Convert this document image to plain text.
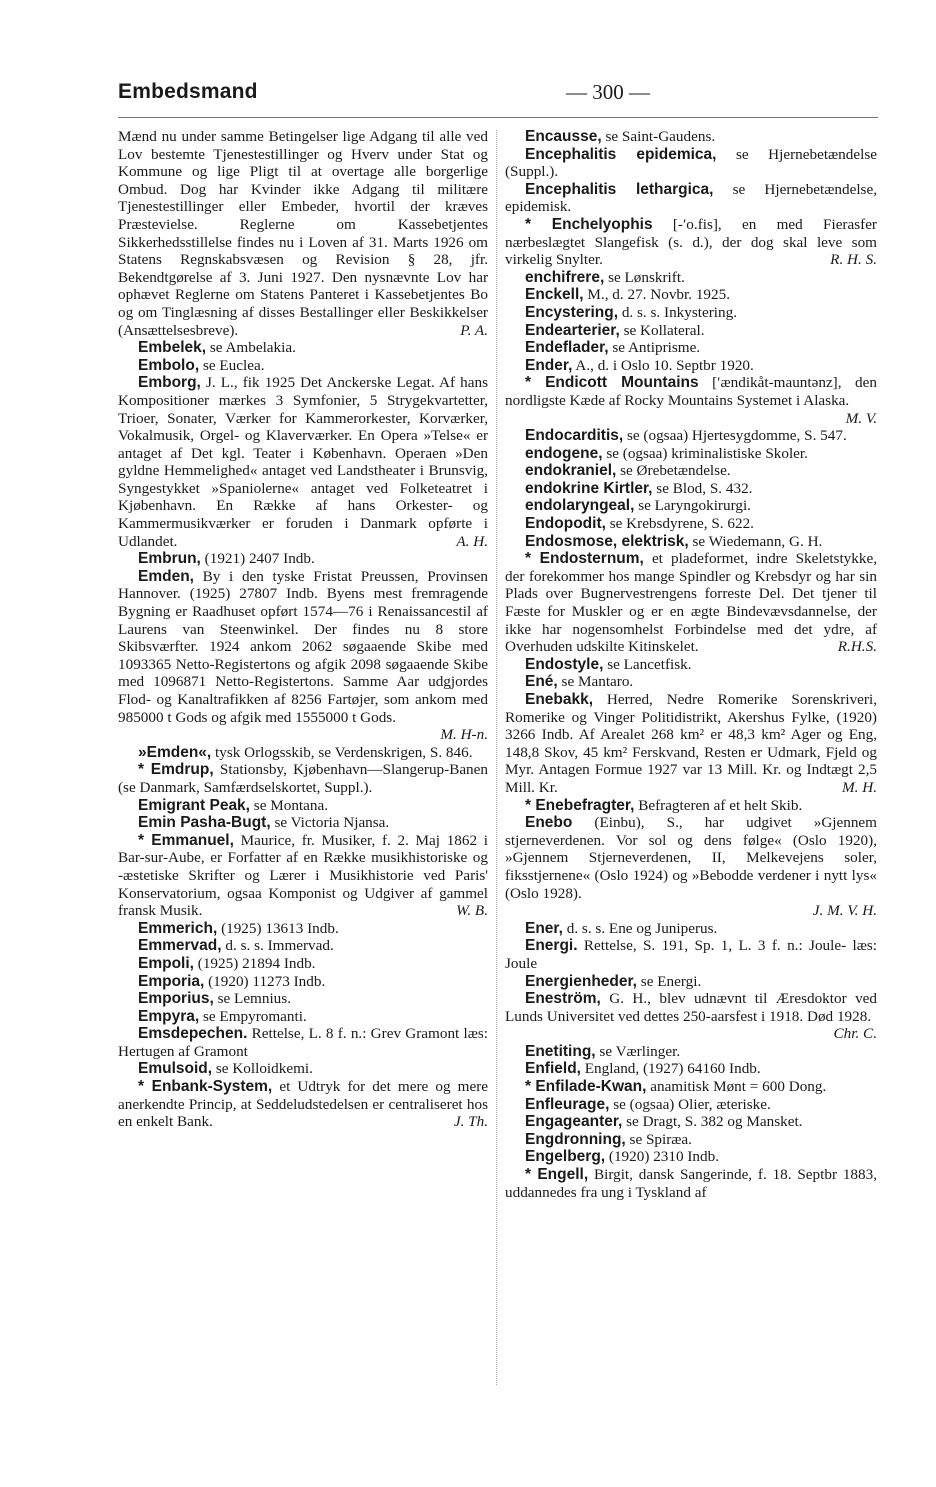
Embedsmand	— 300 —
Mænd nu under samme Betingelser lige Adgang til alle ved Lov bestemte Tjenestestillinger og Hverv under Stat og Kommune og lige Pligt til at overtage alle borgerlige Ombud. Dog har Kvinder ikke Adgang til militære Tjenestestillinger eller Embeder, hvortil der kræves Præstevielse. Reglerne om Kassebetjentes Sikkerhedsstillelse findes nu i Loven af 31. Marts 1926 om Statens Regnskabsvæsen og Revision § 28, jfr. Bekendtgørelse af 3. Juni 1927. Den nysnævnte Lov har ophævet Reglerne om Statens Panteret i Kassebetjentes Bo og om Tinglæsning af disses Bestallinger eller Beskikkelser (Ansættelsesbreve).	P. A.
Embelek, se Ambelakia.
Embolo, se Euclea.
Emborg, J. L., fik 1925 Det Anckerske Legat. Af hans Kompositioner mærkes 3 Symfonier, 5 Strygekvartetter, Trioer, Sonater, Værker for Kammerorkester, Korværker, Vokalmusik, Orgel- og Klaverværker. En Opera »Telse« er antaget af Det kgl. Teater i København. Operaen »Den gyldne Hemmelighed« antaget ved Landstheater i Brunsvig, Syngestykket »Spaniolerne« antaget ved Folketeatret i Kjøbenhavn. En Række af hans Orkester- og Kammermusikværker er foruden i Danmark opførte i Udlandet.	A. H.
Embrun, (1921) 2407 Indb.
Emden, By i den tyske Fristat Preussen, Provinsen Hannover. (1925) 27807 Indb. Byens mest fremragende Bygning er Raadhuset opført 1574—76 i Renaissancestil af Laurens van Steenwinkel. Der findes nu 8 store Skibsværfter. 1924 ankom 2062 søgaaende Skibe med 1093365 Netto-Registertons og afgik 2098 søgaaende Skibe med 1096871 Netto-Registertons. Samme Aar udgjordes Flod- og Kanaltrafikken af 8256 Fartøjer, som ankom med 985000 t Gods og afgik med 1555000 t Gods.
M. H-n.
»Emden«, tysk Orlogsskib, se Verdenskrigen, S. 846.
* Emdrup, Stationsby, Kjøbenhavn—Slangerup-Banen (se Danmark, Samfærdselskortet, Suppl.).
Emigrant Peak, se Montana.
Emin Pasha-Bugt, se Victoria Njansa.
* Emmanuel, Maurice, fr. Musiker, f. 2. Maj 1862 i Bar-sur-Aube, er Forfatter af en Række musikhistoriske og -æstetiske Skrifter og Lærer i Musikhistorie ved Paris' Konservatorium, ogsaa Komponist og Udgiver af gammel fransk Musik.	W. B.
Emmerich, (1925) 13613 Indb.
Emmervad, d. s. s. Immervad.
Empoli, (1925) 21894 Indb.
Emporia, (1920) 11273 Indb.
Emporius, se Lemnius.
Empyra, se Empyromanti.
Emsdepechen. Rettelse, L. 8 f. n.: Grev Gramont læs: Hertugen af Gramont
Emulsoid, se Kolloidkemi.
* Enbank-System, et Udtryk for det mere og mere anerkendte Princip, at Seddeludstedelsen er centraliseret hos en enkelt Bank.	J. Th.
Encausse, se Saint-Gaudens.
Encephalitis epidemica, se Hjernebetændelse (Suppl.).
Encephalitis lethargica, se Hjernebetændelse, epidemisk.
* Enchelyophis [-ʹo.fis], en med Fierasfer nærbeslægtet Slangefisk (s. d.), der dog skal leve som virkelig Snylter.	R. H. S.
enchifrere, se Lønskrift.
Enckell, M., d. 27. Novbr. 1925.
Encystering, d. s. s. Inkystering.
Endearterier, se Kollateral.
Endeflader, se Antiprisme.
Ender, A., d. i Oslo 10. Septbr 1920.
* Endicott Mountains [ʹændikåt-mauntənz], den nordligste Kæde af Rocky Mountains Systemet i Alaska.
M. V.
Endocarditis, se (ogsaa) Hjertesygdomme, S. 547.
endogene, se (ogsaa) kriminalistiske Skoler.
endokraniel, se Ørebetændelse.
endokrine Kirtler, se Blod, S. 432.
endolaryngeal, se Laryngokirurgi.
Endopodit, se Krebsdyrene, S. 622.
Endosmose, elektrisk, se Wiedemann, G. H.
* Endosternum, et pladeformet, indre Skeletstykke, der forekommer hos mange Spindler og Krebsdyr og har sin Plads over Bugnervestrengens forreste Del. Det tjener til Fæste for Muskler og er en ægte Bindevævsdannelse, der ikke har nogensomhelst Forbindelse med det ydre, af Overhuden udskilte Kitinskelet.	R.H.S.
Endostyle, se Lancetfisk.
Ené, se Mantaro.
Enebakk, Herred, Nedre Romerike Sorenskriveri, Romerike og Vinger Politidistrikt, Akershus Fylke, (1920) 3266 Indb. Af Arealet 268 km² er 48,3 km² Ager og Eng, 148,8 Skov, 45 km² Ferskvand, Resten er Udmark, Fjeld og Myr. Antagen Formue 1927 var 13 Mill. Kr. og Indtægt 2,5 Mill. Kr.	M. H.
* Enebefragter, Befragteren af et helt Skib.
Enebo (Einbu), S., har udgivet »Gjennem stjerneverdenen. Vor sol og dens følge« (Oslo 1920), »Gjennem Stjerneverdenen, II, Melkevejens soler, fiksstjernene« (Oslo 1924) og »Bebodde verdener i nytt lys« (Oslo 1928).
J. M. V. H.
Ener, d. s. s. Ene og Juniperus.
Energi. Rettelse, S. 191, Sp. 1, L. 3 f. n.: Joule- læs: Joule
Energienheder, se Energi.
Eneström, G. H., blev udnævnt til Æresdoktor ved Lunds Universitet ved dettes 250-aarsfest i 1918. Død 1928.
Chr. C.
Enetiting, se Værlinger.
Enfield, England, (1927) 64160 Indb.
* Enfilade-Kwan, anamitisk Mønt = 600 Dong.
Enfleurage, se (ogsaa) Olier, æteriske.
Engageanter, se Dragt, S. 382 og Mansket.
Engdronning, se Spiræa.
Engelberg, (1920) 2310 Indb.
* Engell, Birgit, dansk Sangerinde, f. 18. Septbr 1883, uddannedes fra ung i Tyskland af
